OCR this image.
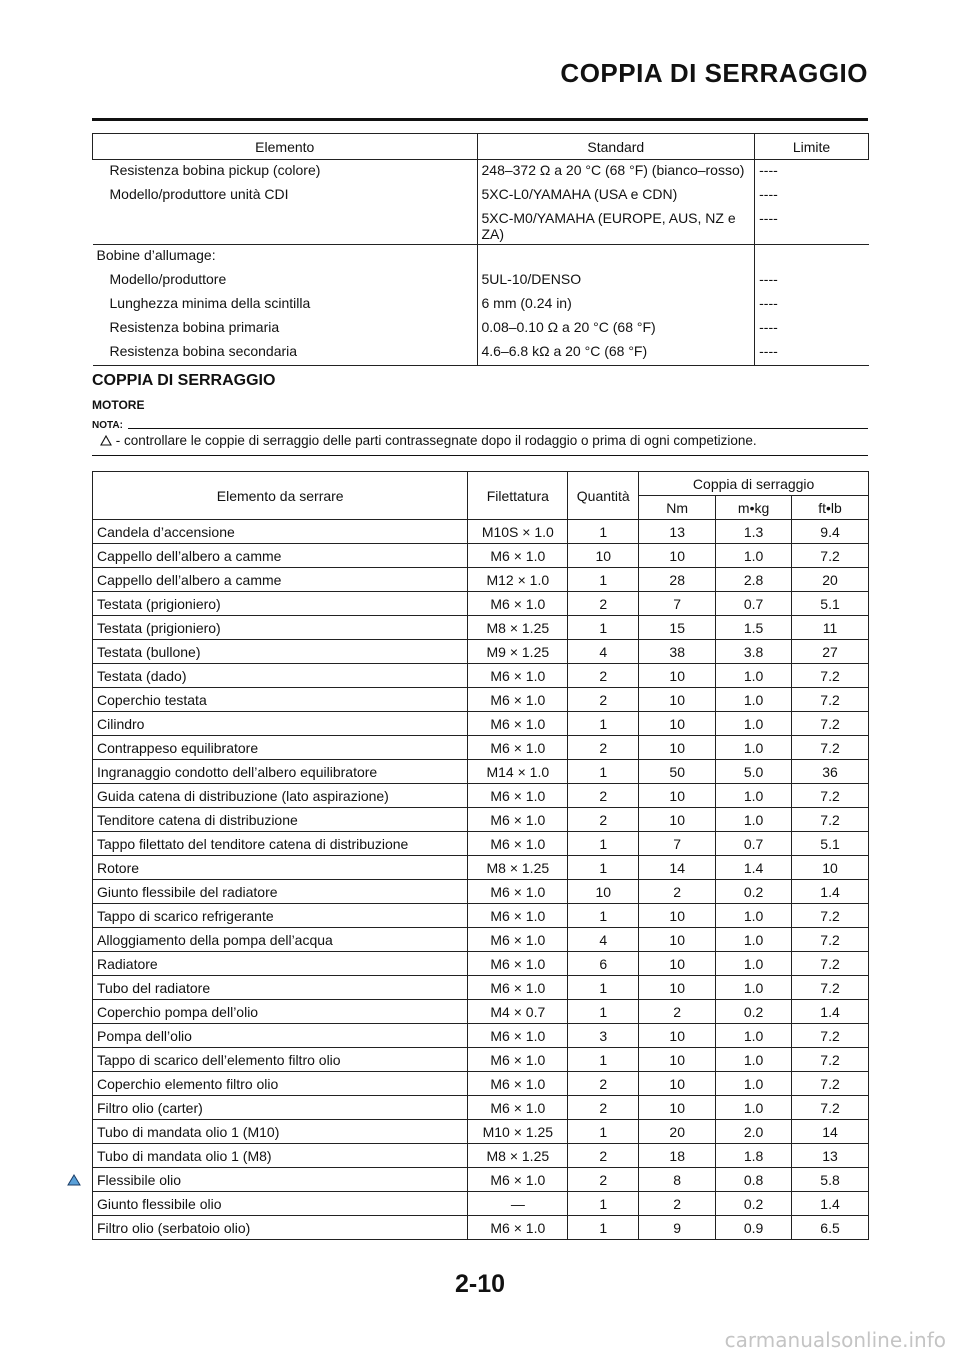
COPPIA DI SERRAGGIO
Elemento	Standard	Limite
Resistenza bobina pickup (colore)	248–372 Ω a 20 °C (68 °F) (bianco–rosso)	----
Modello/produttore unità CDI	5XC-L0/YAMAHA (USA e CDN)	----
	5XC-M0/YAMAHA (EUROPE, AUS, NZ e ZA)	----
Bobine d’allumage:		
Modello/produttore	5UL-10/DENSO	----
Lunghezza minima della scintilla	6 mm (0.24 in)	----
Resistenza bobina primaria	0.08–0.10 Ω a 20 °C (68 °F)	----
Resistenza bobina secondaria	4.6–6.8 kΩ a 20 °C (68 °F)	----
COPPIA DI SERRAGGIO
MOTORE
NOTA:
- controllare le coppie di serraggio delle parti contrassegnate dopo il rodaggio o prima di ogni competizione.
Elemento da serrare	Filettatura	Quantità	Coppia di serraggio		
			Nm	m•kg	ft•lb
Candela d’accensione	M10S × 1.0	1	13	1.3	9.4
Cappello dell’albero a camme	M6 × 1.0	10	10	1.0	7.2
Cappello dell’albero a camme	M12 × 1.0	1	28	2.8	20
Testata (prigioniero)	M6 × 1.0	2	7	0.7	5.1
Testata (prigioniero)	M8 × 1.25	1	15	1.5	11
Testata (bullone)	M9 × 1.25	4	38	3.8	27
Testata (dado)	M6 × 1.0	2	10	1.0	7.2
Coperchio testata	M6 × 1.0	2	10	1.0	7.2
Cilindro	M6 × 1.0	1	10	1.0	7.2
Contrappeso equilibratore	M6 × 1.0	2	10	1.0	7.2
Ingranaggio condotto dell’albero equilibratore	M14 × 1.0	1	50	5.0	36
Guida catena di distribuzione (lato aspirazione)	M6 × 1.0	2	10	1.0	7.2
Tenditore catena di distribuzione	M6 × 1.0	2	10	1.0	7.2
Tappo filettato del tenditore catena di distribuzione	M6 × 1.0	1	7	0.7	5.1
Rotore	M8 × 1.25	1	14	1.4	10
Giunto flessibile del radiatore	M6 × 1.0	10	2	0.2	1.4
Tappo di scarico refrigerante	M6 × 1.0	1	10	1.0	7.2
Alloggiamento della pompa dell’acqua	M6 × 1.0	4	10	1.0	7.2
Radiatore	M6 × 1.0	6	10	1.0	7.2
Tubo del radiatore	M6 × 1.0	1	10	1.0	7.2
Coperchio pompa dell’olio	M4 × 0.7	1	2	0.2	1.4
Pompa dell’olio	M6 × 1.0	3	10	1.0	7.2
Tappo di scarico dell’elemento filtro olio	M6 × 1.0	1	10	1.0	7.2
Coperchio elemento filtro olio	M6 × 1.0	2	10	1.0	7.2
Filtro olio (carter)	M6 × 1.0	2	10	1.0	7.2
Tubo di mandata olio 1 (M10)	M10 × 1.25	1	20	2.0	14
Tubo di mandata olio 1 (M8)	M8 × 1.25	2	18	1.8	13
Flessibile olio	M6 × 1.0	2	8	0.8	5.8
Giunto flessibile olio	—	1	2	0.2	1.4
Filtro olio (serbatoio olio)	M6 × 1.0	1	9	0.9	6.5
2-10
carmanualsonline.info
